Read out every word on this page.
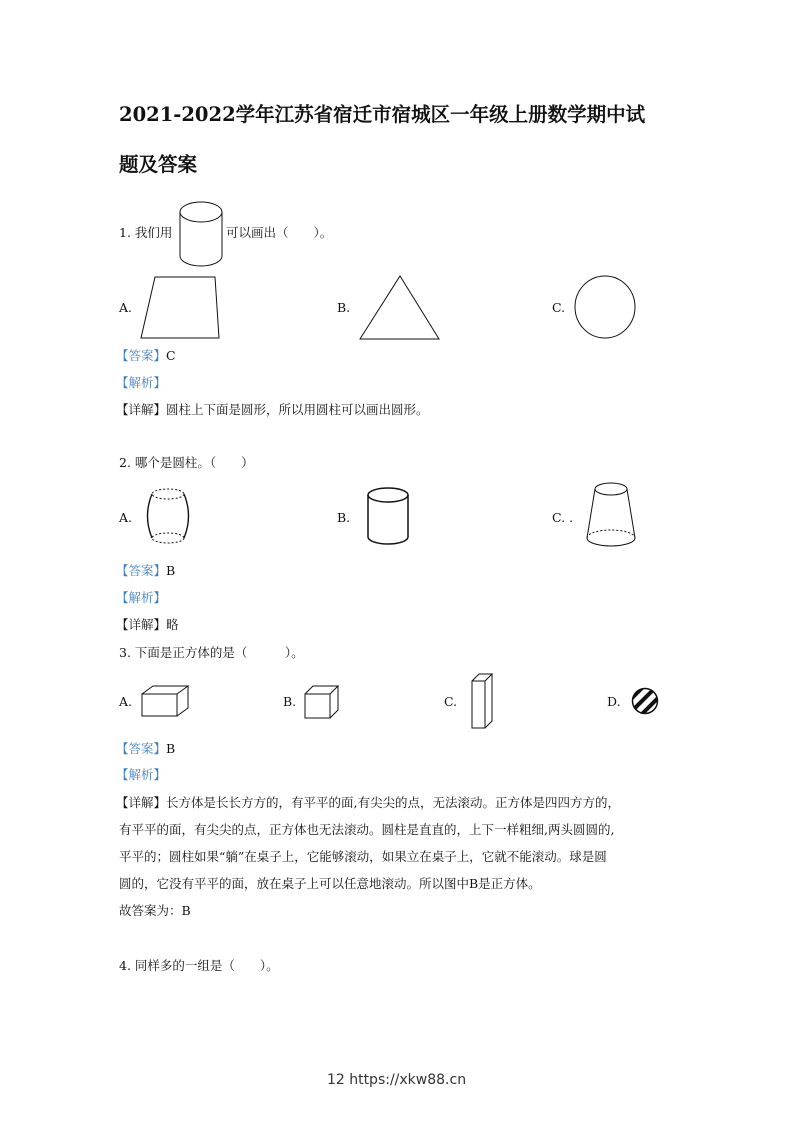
2021-2022学年江苏省宿迁市宿城区一年级上册数学期中试
题及答案
1. 我们用	可以画出（　　）。
A.	B.	C.
【答案】C
【解析】
【详解】圆柱上下面是圆形，所以用圆柱可以画出圆形。
2. 哪个是圆柱。（　　）
A.	B.	C. .
【答案】B
【解析】
【详解】略
3. 下面是正方体的是（　　　）。
A.	B.	C.	D.
【答案】B
【解析】
【详解】长方体是长长方方的，有平平的面,有尖尖的点，无法滚动。正方体是四四方方的，
有平平的面，有尖尖的点，正方体也无法滚动。圆柱是直直的，上下一样粗细,两头圆圆的,
平平的；圆柱如果“躺”在桌子上，它能够滚动，如果立在桌子上，它就不能滚动。球是圆
圆的，它没有平平的面，放在桌子上可以任意地滚动。所以图中B是正方体。
故答案为：B
4. 同样多的一组是（　　）。
12 https://xkw88.cn
